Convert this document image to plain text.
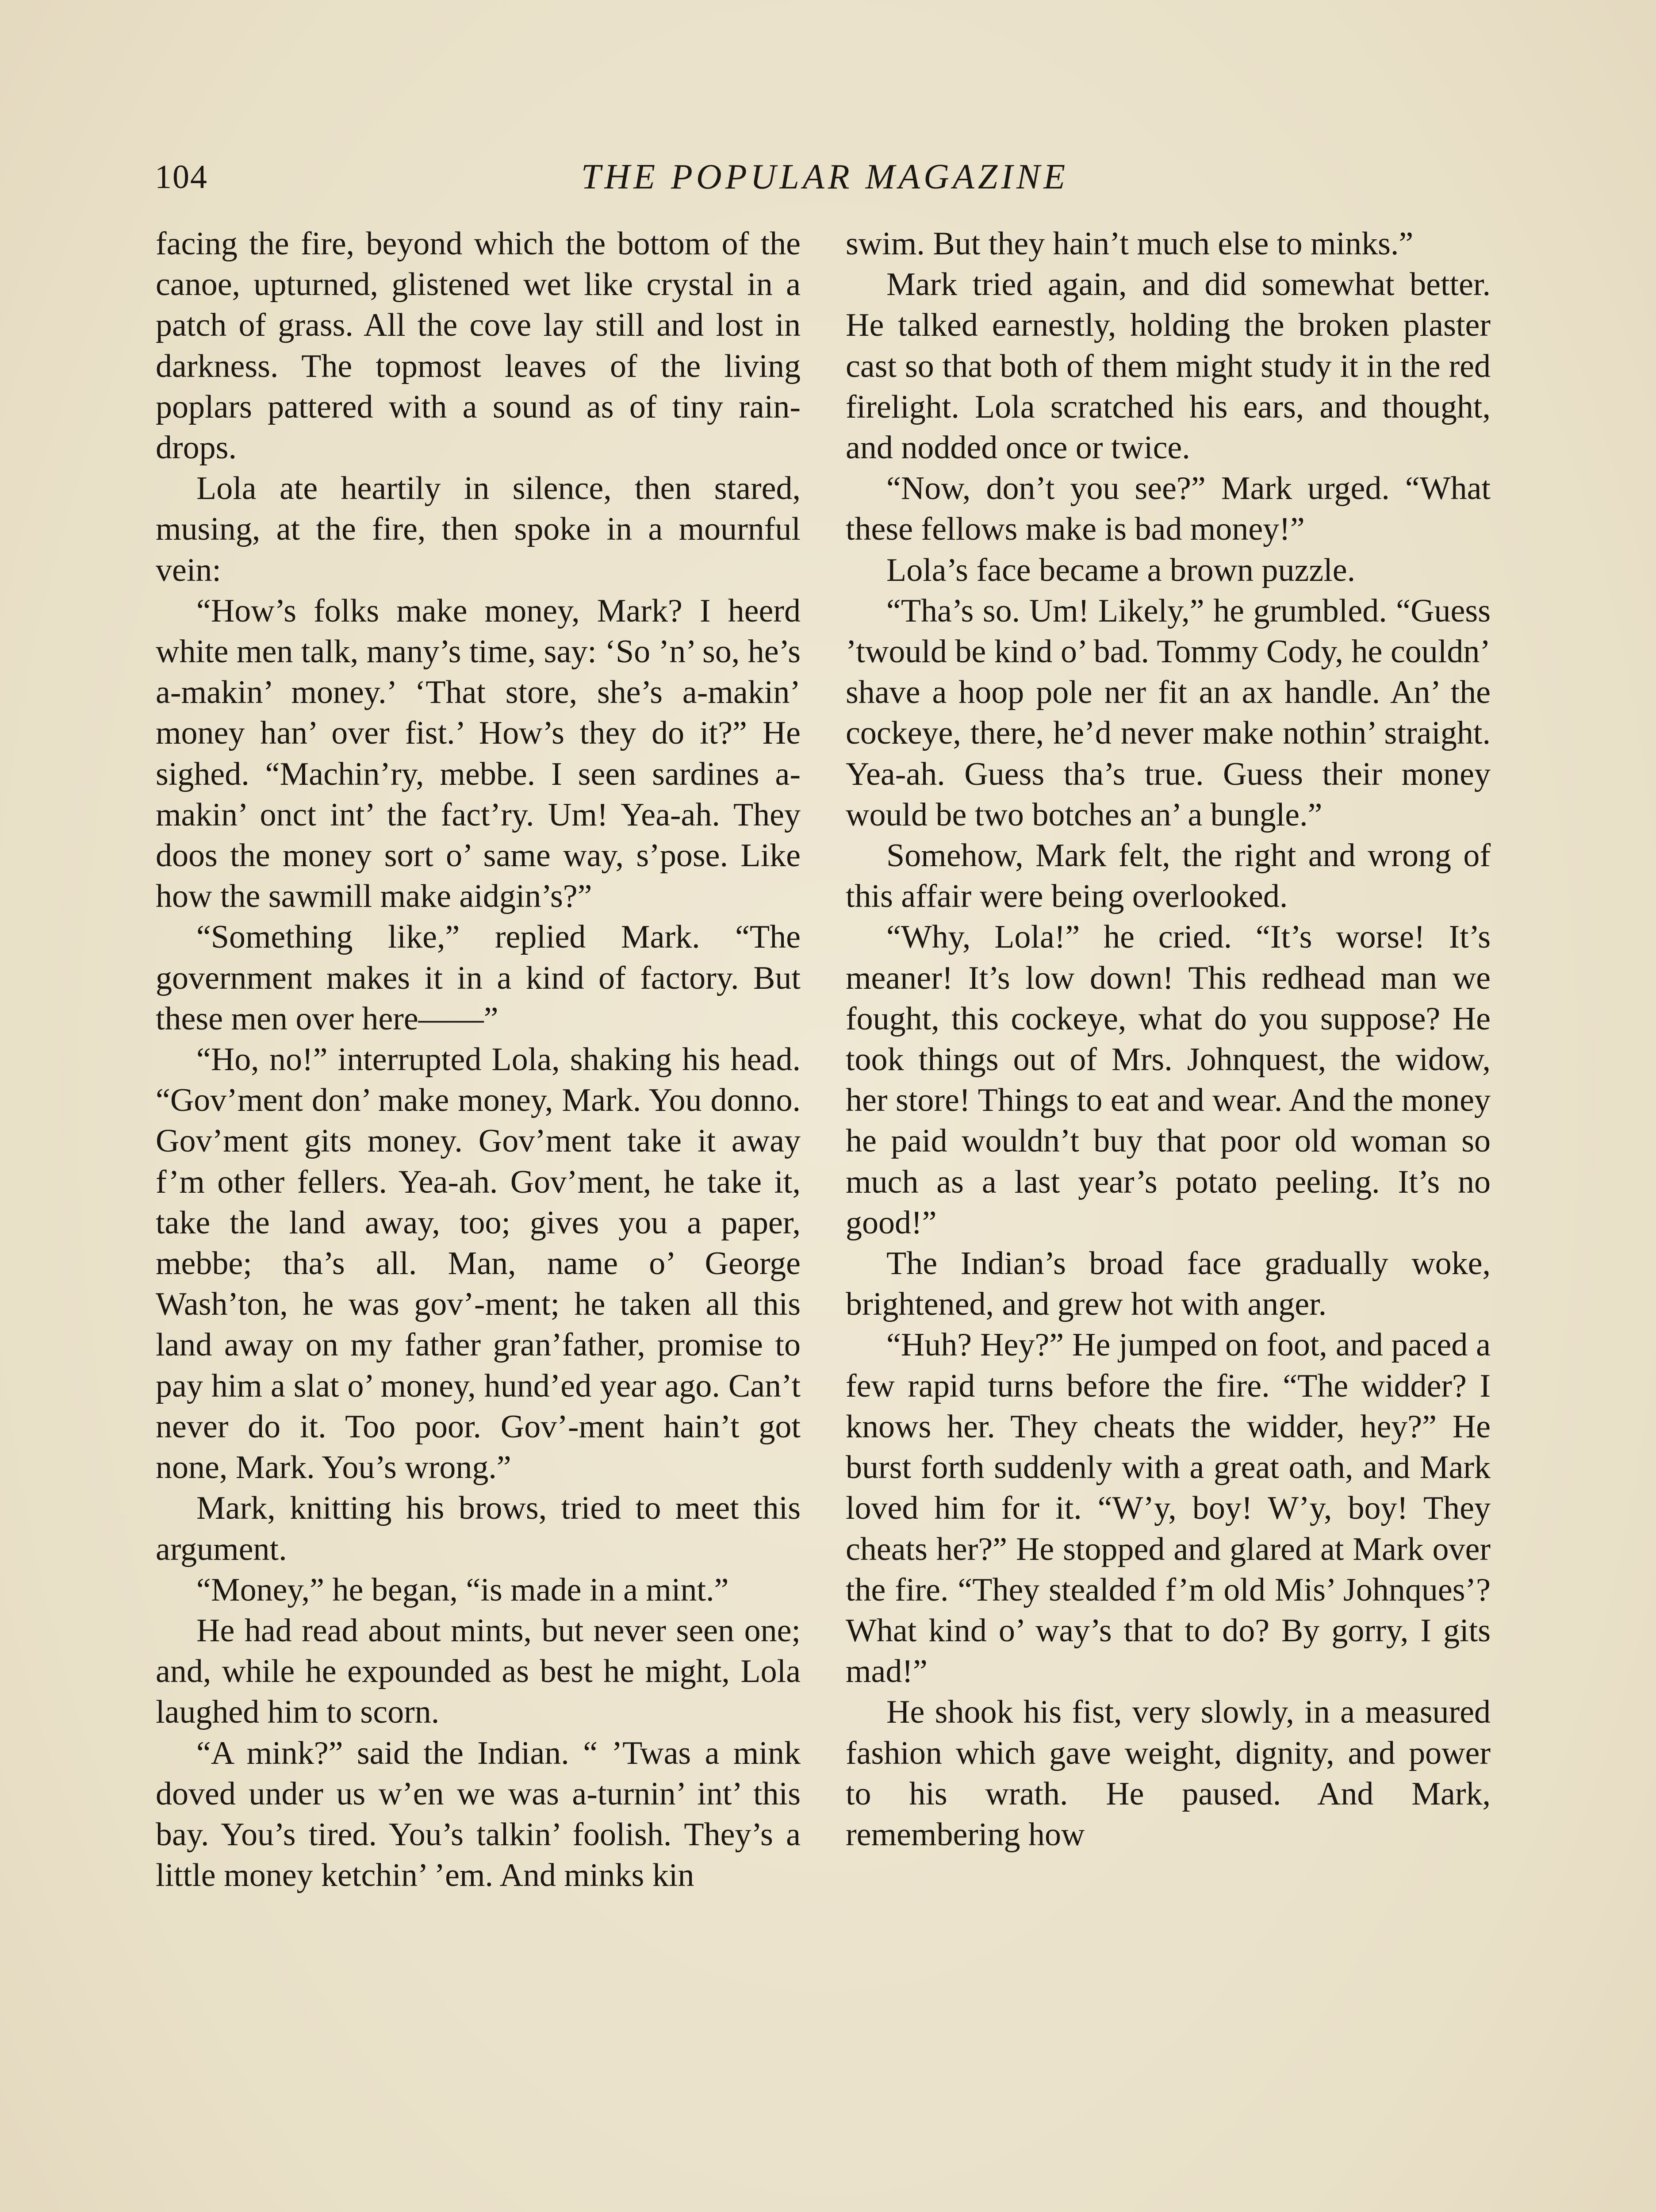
104	THE POPULAR MAGAZINE

facing the fire, beyond which the bottom of the canoe, upturned, glistened wet like crystal in a patch of grass. All the cove lay still and lost in darkness. The topmost leaves of the living poplars pattered with a sound as of tiny raindrops.

Lola ate heartily in silence, then stared, musing, at the fire, then spoke in a mournful vein:

“How’s folks make money, Mark? I heerd white men talk, many’s time, say: ‘So ’n’ so, he’s a-makin’ money.’ ‘That store, she’s a-makin’ money han’ over fist.’ How’s they do it?” He sighed. “Machin’ry, mebbe. I seen sardines a-makin’ onct int’ the fact’ry. Um! Yea-ah. They doos the money sort o’ same way, s’pose. Like how the sawmill make aidgin’s?”

“Something like,” replied Mark. “The government makes it in a kind of factory. But these men over here——”

“Ho, no!” interrupted Lola, shaking his head. “Gov’ment don’ make money, Mark. You donno. Gov’ment gits money. Gov’ment take it away f’m other fellers. Yea-ah. Gov’ment, he take it, take the land away, too; gives you a paper, mebbe; tha’s all. Man, name o’ George Wash’ton, he was gov’-ment; he taken all this land away on my father gran’father, promise to pay him a slat o’ money, hund’ed year ago. Can’t never do it. Too poor. Gov’-ment hain’t got none, Mark. You’s wrong.”

Mark, knitting his brows, tried to meet this argument.

“Money,” he began, “is made in a mint.”

He had read about mints, but never seen one; and, while he expounded as best he might, Lola laughed him to scorn.

“A mink?” said the Indian. “ ’Twas a mink doved under us w’en we was a-turnin’ int’ this bay. You’s tired. You’s talkin’ foolish. They’s a little money ketchin’ ’em. And minks kin

swim. But they hain’t much else to minks.”

Mark tried again, and did somewhat better. He talked earnestly, holding the broken plaster cast so that both of them might study it in the red firelight. Lola scratched his ears, and thought, and nodded once or twice.

“Now, don’t you see?” Mark urged. “What these fellows make is bad money!”

Lola’s face became a brown puzzle.

“Tha’s so. Um! Likely,” he grumbled. “Guess ’twould be kind o’ bad. Tommy Cody, he couldn’ shave a hoop pole ner fit an ax handle. An’ the cockeye, there, he’d never make nothin’ straight. Yea-ah. Guess tha’s true. Guess their money would be two botches an’ a bungle.”

Somehow, Mark felt, the right and wrong of this affair were being overlooked.

“Why, Lola!” he cried. “It’s worse! It’s meaner! It’s low down! This redhead man we fought, this cockeye, what do you suppose? He took things out of Mrs. Johnquest, the widow, her store! Things to eat and wear. And the money he paid wouldn’t buy that poor old woman so much as a last year’s potato peeling. It’s no good!”

The Indian’s broad face gradually woke, brightened, and grew hot with anger.

“Huh? Hey?” He jumped on foot, and paced a few rapid turns before the fire. “The widder? I knows her. They cheats the widder, hey?” He burst forth suddenly with a great oath, and Mark loved him for it. “W’y, boy! W’y, boy! They cheats her?” He stopped and glared at Mark over the fire. “They stealded f’m old Mis’ Johnques’? What kind o’ way’s that to do? By gorry, I gits mad!”

He shook his fist, very slowly, in a measured fashion which gave weight, dignity, and power to his wrath. He paused. And Mark, remembering how
